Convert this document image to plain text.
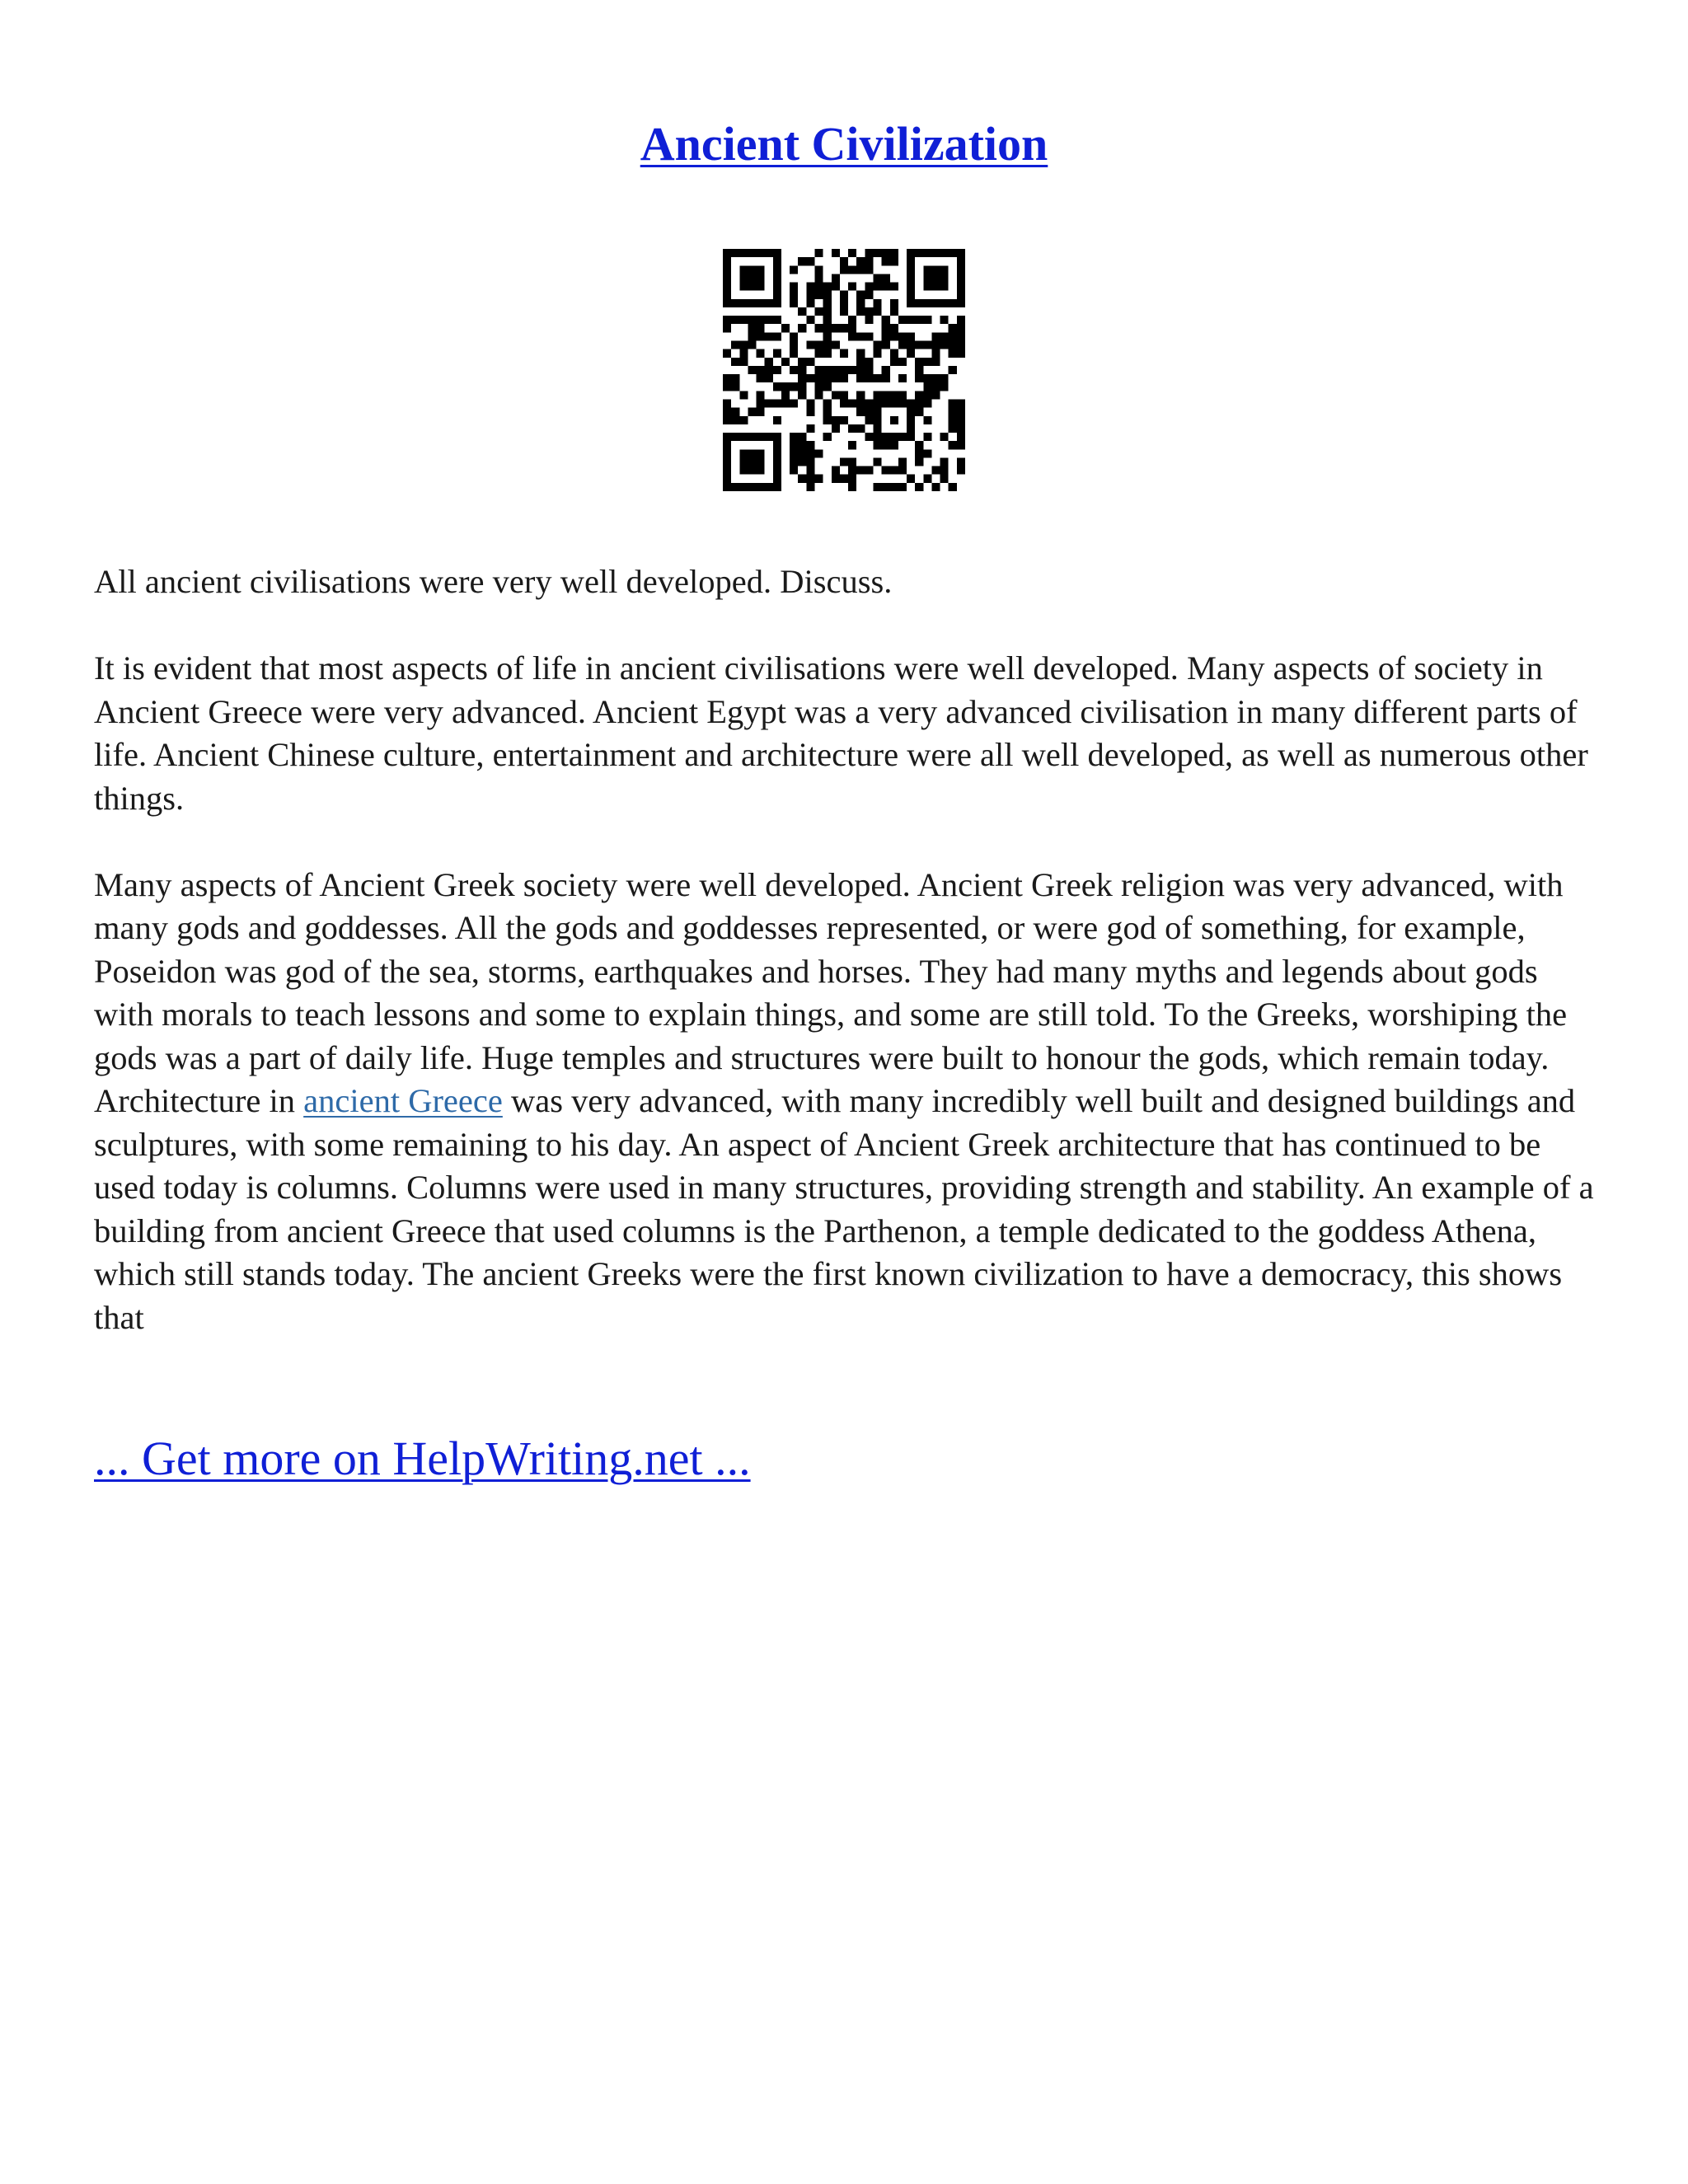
Ancient Civilization

All ancient civilisations were very well developed. Discuss.

It is evident that most aspects of life in ancient civilisations were well developed. Many aspects of society in Ancient Greece were very advanced. Ancient Egypt was a very advanced civilisation in many different parts of life. Ancient Chinese culture, entertainment and architecture were all well developed, as well as numerous other things.

Many aspects of Ancient Greek society were well developed. Ancient Greek religion was very advanced, with many gods and goddesses. All the gods and goddesses represented, or were god of something, for example, Poseidon was god of the sea, storms, earthquakes and horses. They had many myths and legends about gods with morals to teach lessons and some to explain things, and some are still told. To the Greeks, worshiping the gods was a part of daily life. Huge temples and structures were built to honour the gods, which remain today. Architecture in ancient Greece was very advanced, with many incredibly well built and designed buildings and sculptures, with some remaining to his day. An aspect of Ancient Greek architecture that has continued to be used today is columns. Columns were used in many structures, providing strength and stability. An example of a building from ancient Greece that used columns is the Parthenon, a temple dedicated to the goddess Athena, which still stands today. The ancient Greeks were the first known civilization to have a democracy, this shows that

... Get more on HelpWriting.net ...
